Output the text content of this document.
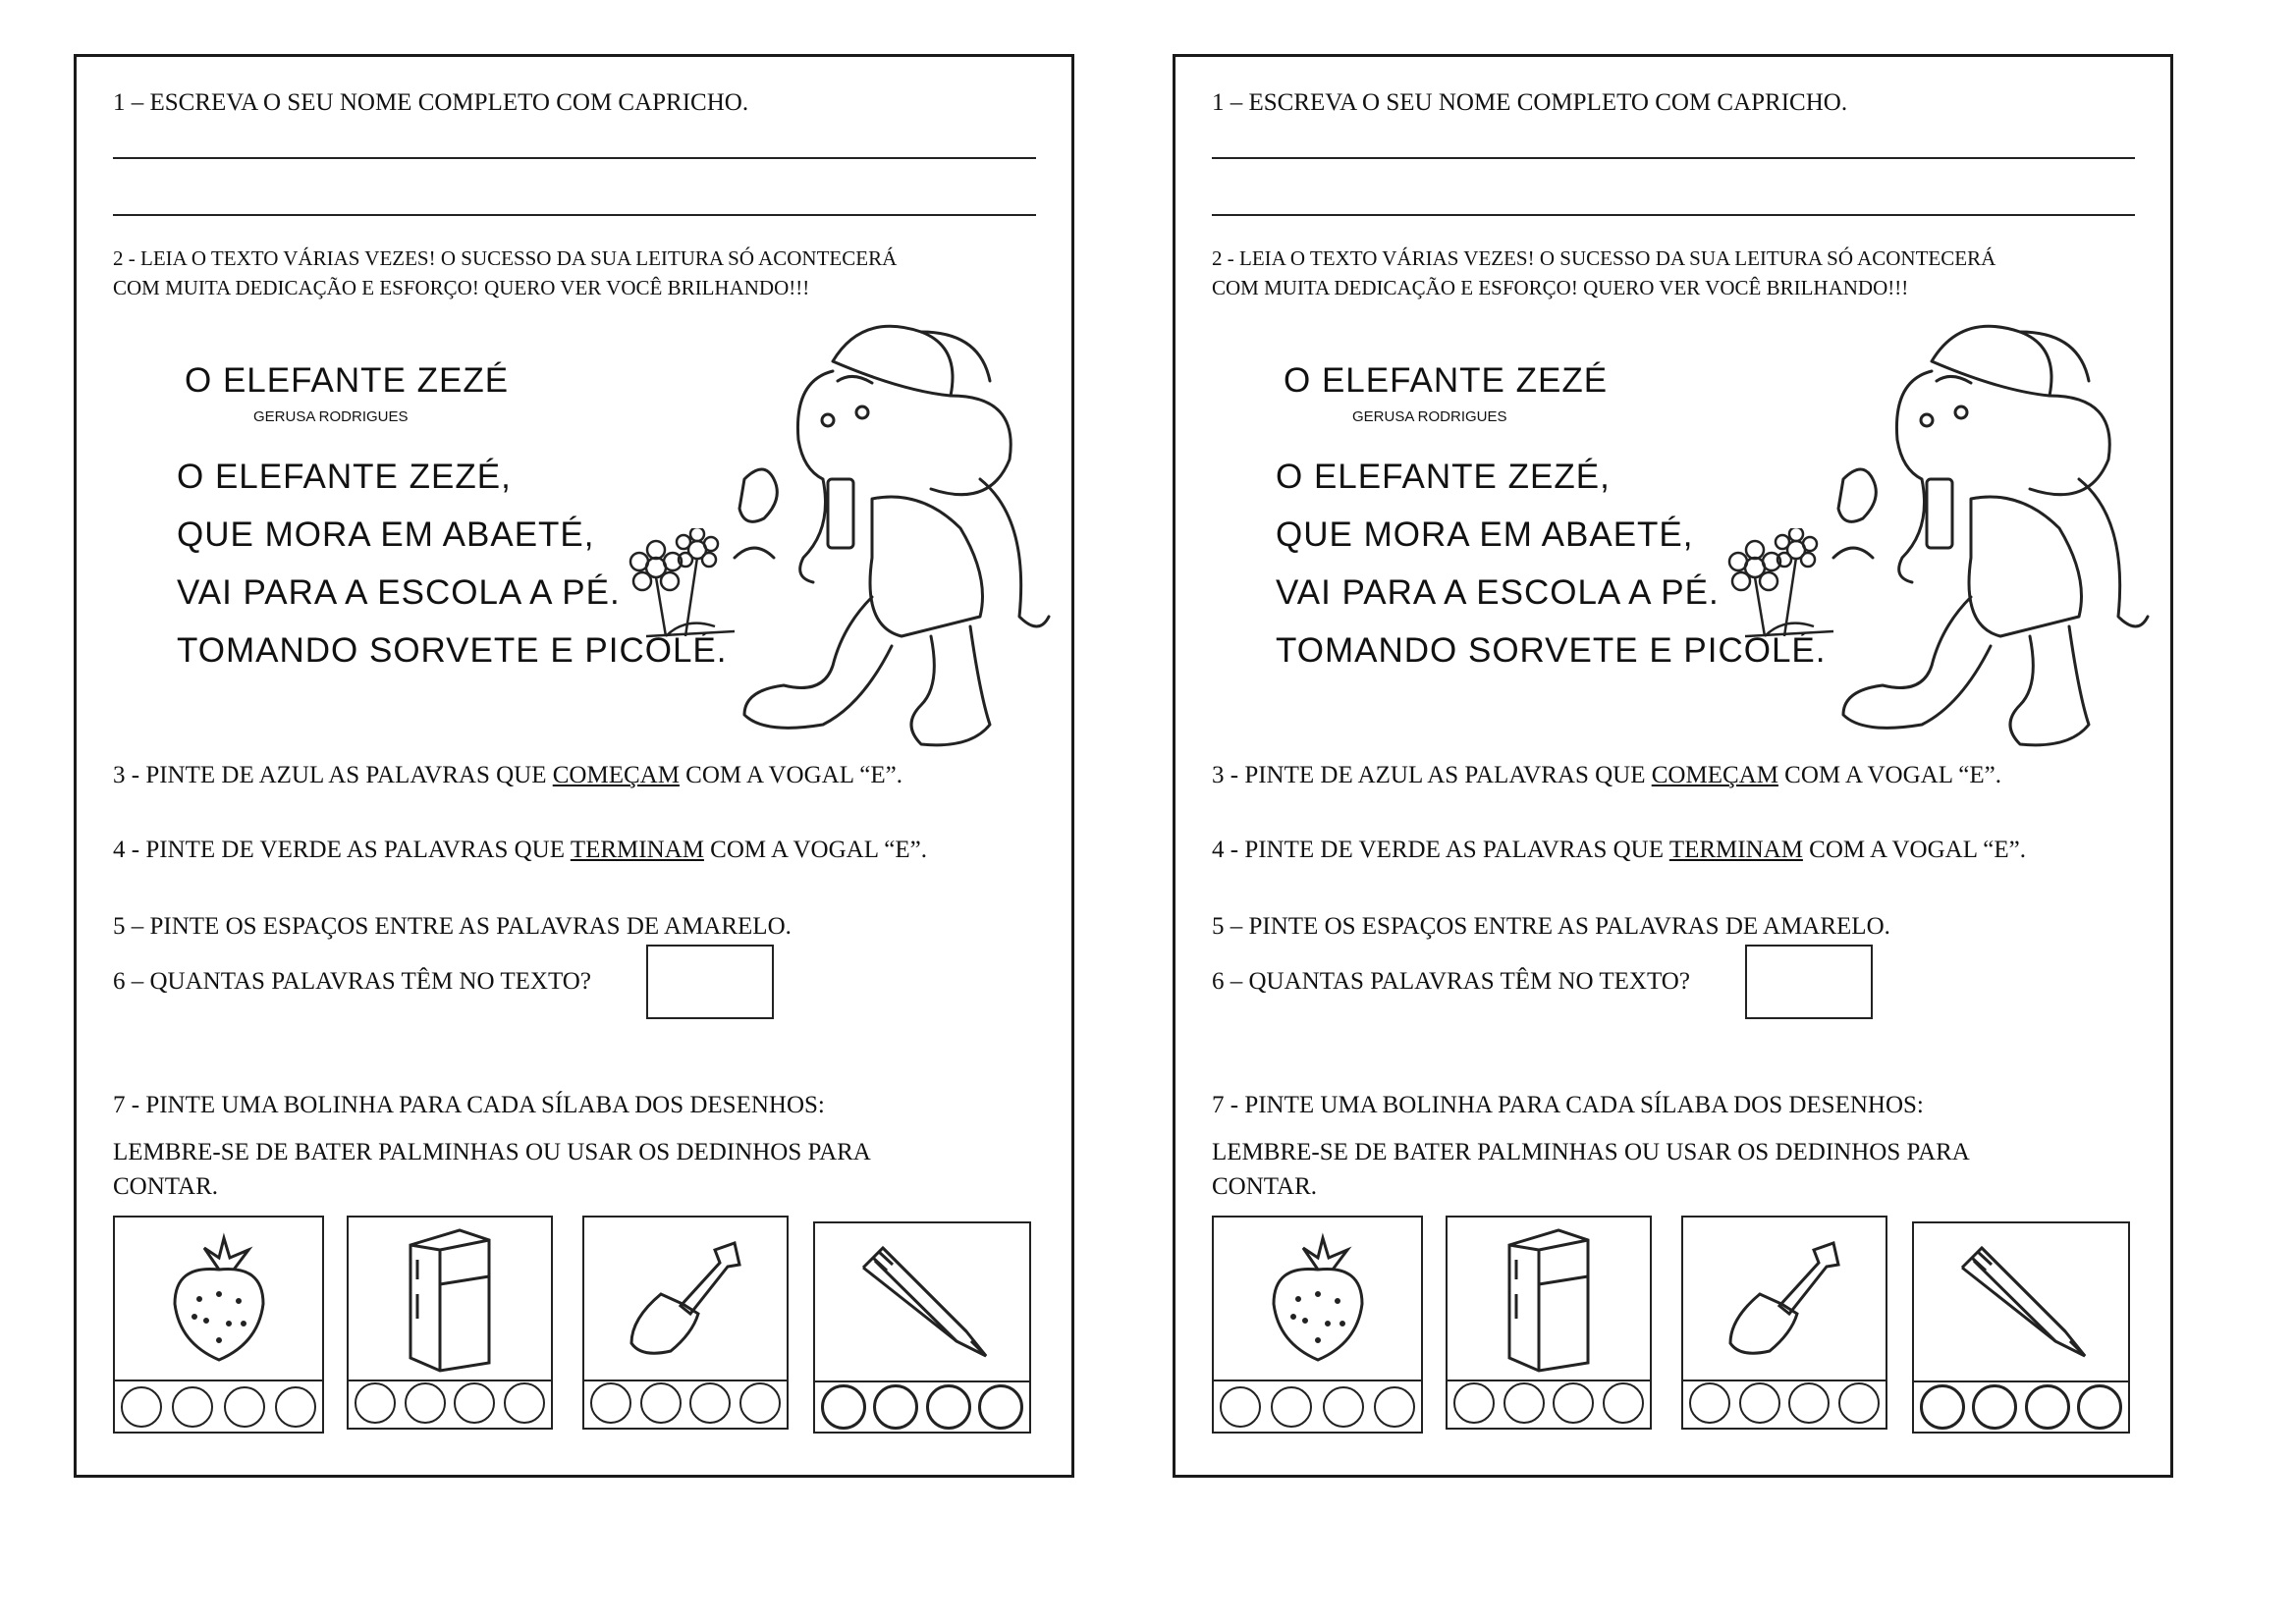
1 – ESCREVA O SEU NOME COMPLETO COM CAPRICHO.
2 - LEIA O TEXTO VÁRIAS VEZES! O SUCESSO DA SUA LEITURA SÓ ACONTECERÁ
COM MUITA DEDICAÇÃO E ESFORÇO! QUERO VER VOCÊ BRILHANDO!!!
O ELEFANTE ZEZÉ
GERUSA RODRIGUES
O ELEFANTE ZEZÉ,
QUE MORA EM ABAETÉ,
VAI PARA A ESCOLA A PÉ.
TOMANDO SORVETE E PICOLÉ.
3 - PINTE DE AZUL AS PALAVRAS QUE COMEÇAM COM A VOGAL “E”.
4 - PINTE DE VERDE AS PALAVRAS QUE TERMINAM COM A VOGAL “E”.
5 – PINTE OS ESPAÇOS ENTRE AS PALAVRAS DE AMARELO.
6 – QUANTAS PALAVRAS TÊM NO TEXTO?
7 - PINTE UMA BOLINHA PARA CADA SÍLABA DOS DESENHOS:
LEMBRE-SE DE BATER PALMINHAS OU USAR OS DEDINHOS PARA
CONTAR.
1 – ESCREVA O SEU NOME COMPLETO COM CAPRICHO.
2 - LEIA O TEXTO VÁRIAS VEZES! O SUCESSO DA SUA LEITURA SÓ ACONTECERÁ
COM MUITA DEDICAÇÃO E ESFORÇO! QUERO VER VOCÊ BRILHANDO!!!
O ELEFANTE ZEZÉ
GERUSA RODRIGUES
O ELEFANTE ZEZÉ,
QUE MORA EM ABAETÉ,
VAI PARA A ESCOLA A PÉ.
TOMANDO SORVETE E PICOLÉ.
3 - PINTE DE AZUL AS PALAVRAS QUE COMEÇAM COM A VOGAL “E”.
4 - PINTE DE VERDE AS PALAVRAS QUE TERMINAM COM A VOGAL “E”.
5 – PINTE OS ESPAÇOS ENTRE AS PALAVRAS DE AMARELO.
6 – QUANTAS PALAVRAS TÊM NO TEXTO?
7 - PINTE UMA BOLINHA PARA CADA SÍLABA DOS DESENHOS:
LEMBRE-SE DE BATER PALMINHAS OU USAR OS DEDINHOS PARA
CONTAR.
